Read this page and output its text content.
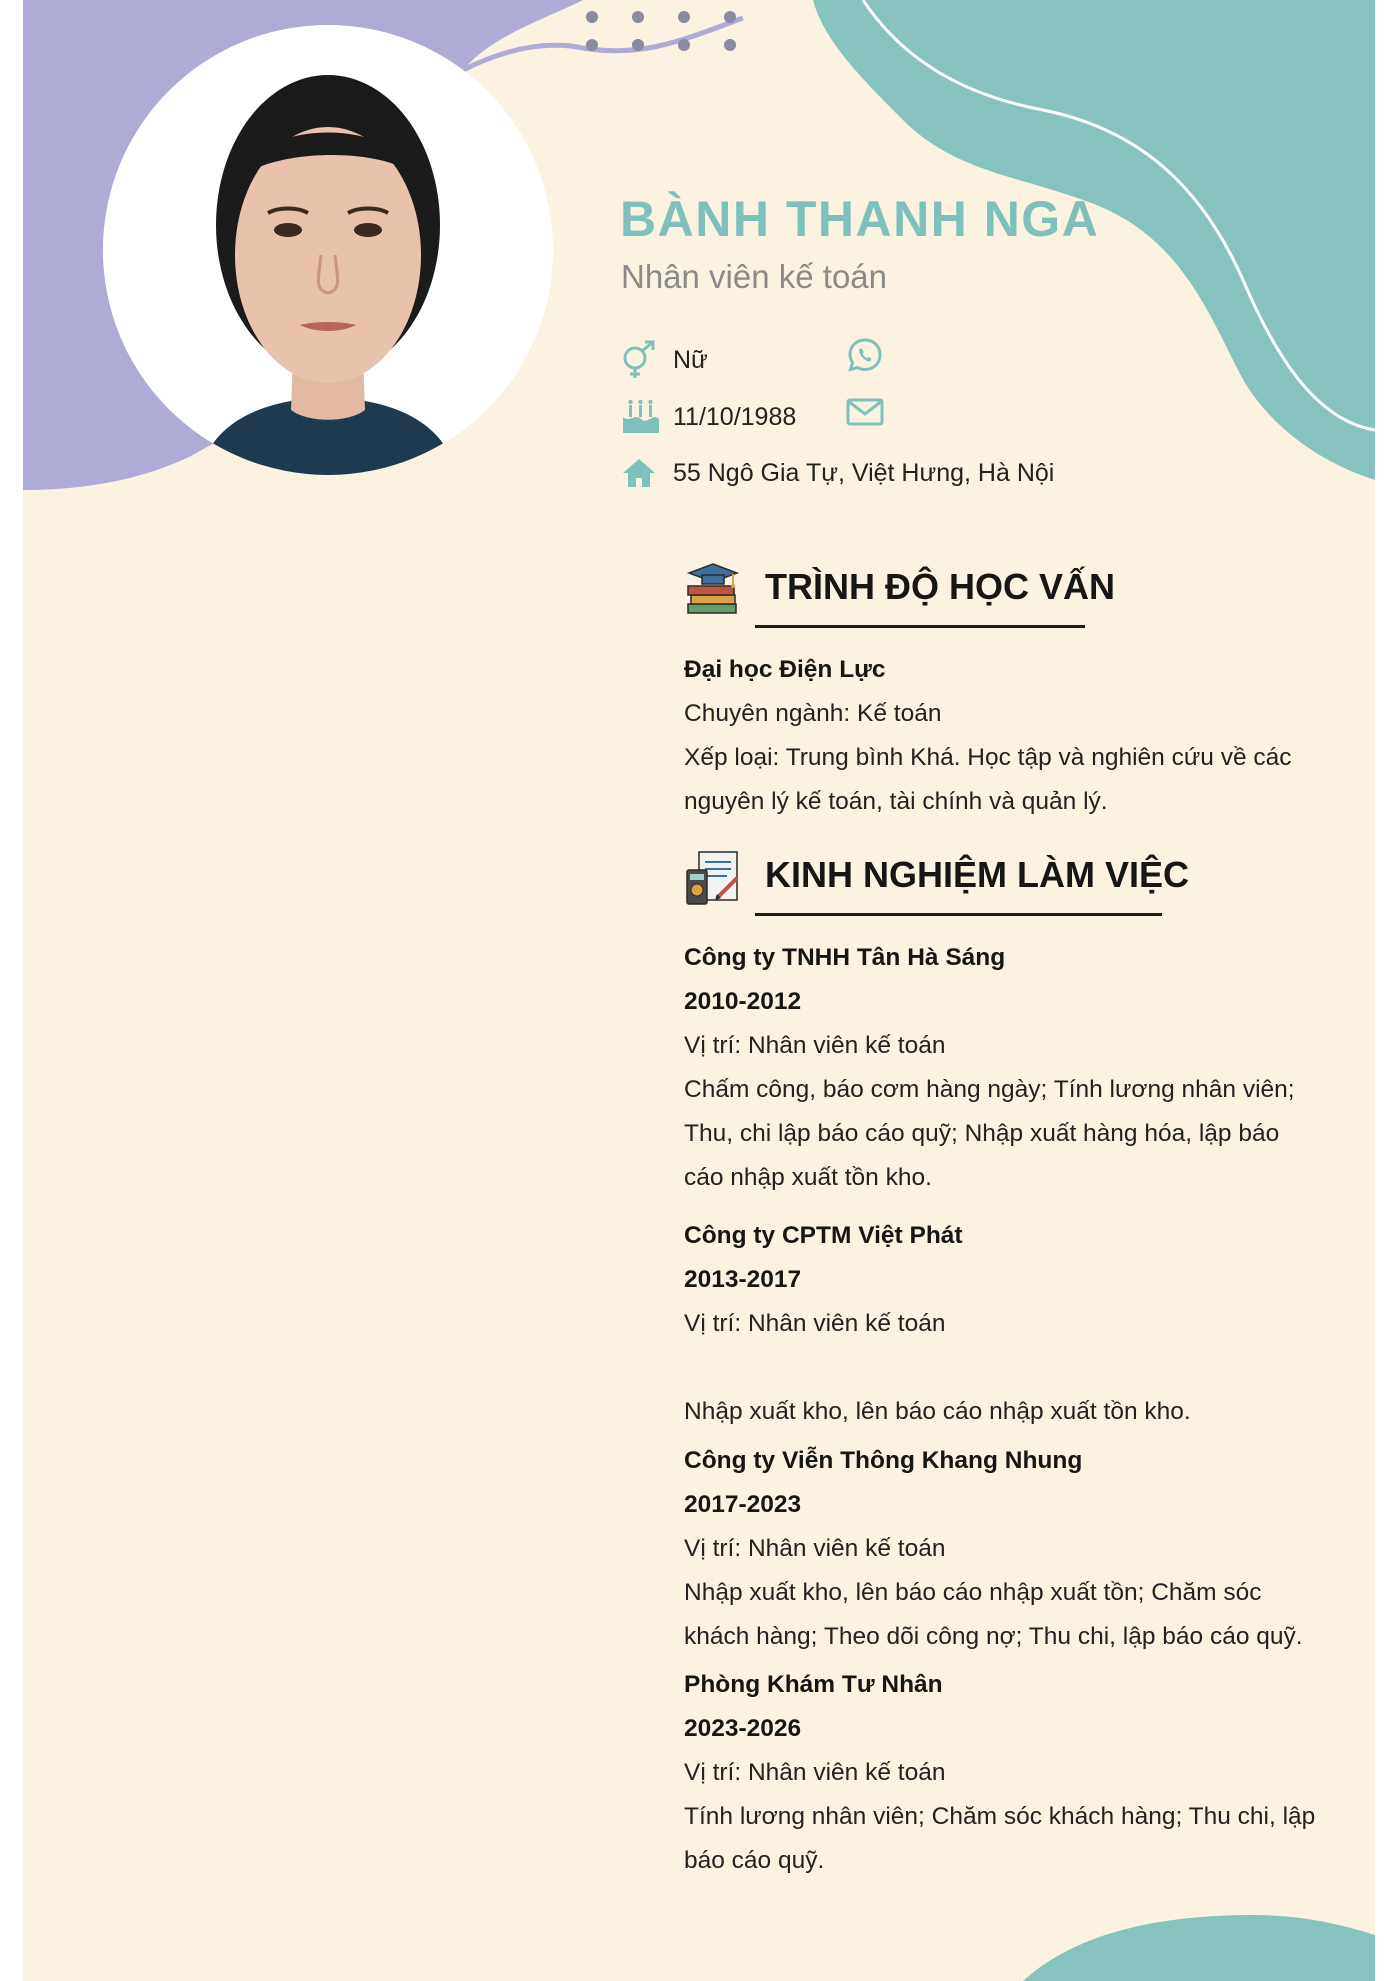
BÀNH THANH NGA
Nhân viên kế toán
Nữ
11/10/1988
55 Ngô Gia Tự, Việt Hưng, Hà Nội
TRÌNH ĐỘ HỌC VẤN
Đại học Điện Lực
Chuyên ngành: Kế toán
Xếp loại: Trung bình Khá. Học tập và nghiên cứu về các
nguyên lý kế toán, tài chính và quản lý.
KINH NGHIỆM LÀM VIỆC
Công ty TNHH Tân Hà Sáng
2010-2012
Vị trí: Nhân viên kế toán
Chấm công, báo cơm hàng ngày; Tính lương nhân viên;
Thu, chi lập báo cáo quỹ; Nhập xuất hàng hóa, lập báo
cáo nhập xuất tồn kho.
Công ty CPTM Việt Phát
2013-2017
Vị trí: Nhân viên kế toán
Nhập xuất kho, lên báo cáo nhập xuất tồn kho.
Công ty Viễn Thông Khang Nhung
2017-2023
Vị trí: Nhân viên kế toán
Nhập xuất kho, lên báo cáo nhập xuất tồn; Chăm sóc
khách hàng; Theo dõi công nợ; Thu chi, lập báo cáo quỹ.
Phòng Khám Tư Nhân
2023-2026
Vị trí: Nhân viên kế toán
Tính lương nhân viên; Chăm sóc khách hàng; Thu chi, lập
báo cáo quỹ.
